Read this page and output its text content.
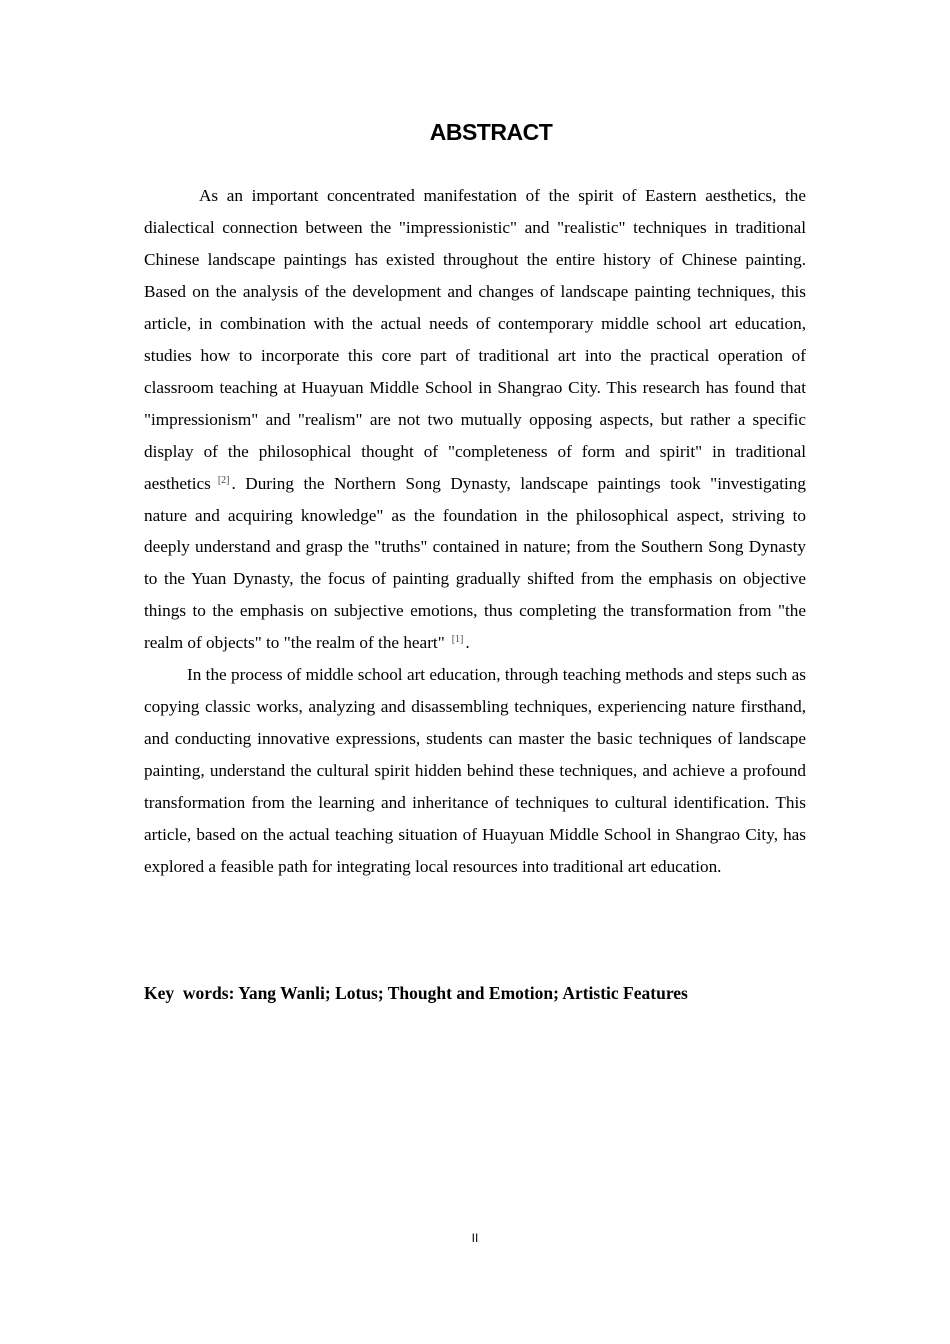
ABSTRACT

As an important concentrated manifestation of the spirit of Eastern aesthetics, the dialectical connection between the "impressionistic" and "realistic" techniques in traditional Chinese landscape paintings has existed throughout the entire history of Chinese painting. Based on the analysis of the development and changes of landscape painting techniques, this article, in combination with the actual needs of contemporary middle school art education, studies how to incorporate this core part of traditional art into the practical operation of classroom teaching at Huayuan Middle School in Shangrao City. This research has found that "impressionism" and "realism" are not two mutually opposing aspects, but rather a specific display of the philosophical thought of "completeness of form and spirit" in traditional aesthetics [2] . During the Northern Song Dynasty, landscape paintings took "investigating nature and acquiring knowledge" as the foundation in the philosophical aspect, striving to deeply understand and grasp the "truths" contained in nature; from the Southern Song Dynasty to the Yuan Dynasty, the focus of painting gradually shifted from the emphasis on objective things to the emphasis on subjective emotions, thus completing the transformation from "the realm of objects" to "the realm of the heart" [1] .

In the process of middle school art education, through teaching methods and steps such as copying classic works, analyzing and disassembling techniques, experiencing nature firsthand, and conducting innovative expressions, students can master the basic techniques of landscape painting, understand the cultural spirit hidden behind these techniques, and achieve a profound transformation from the learning and inheritance of techniques to cultural identification. This article, based on the actual teaching situation of Huayuan Middle School in Shangrao City, has explored a feasible path for integrating local resources into traditional art education.

Key  words: Yang Wanli; Lotus; Thought and Emotion; Artistic Features
II
